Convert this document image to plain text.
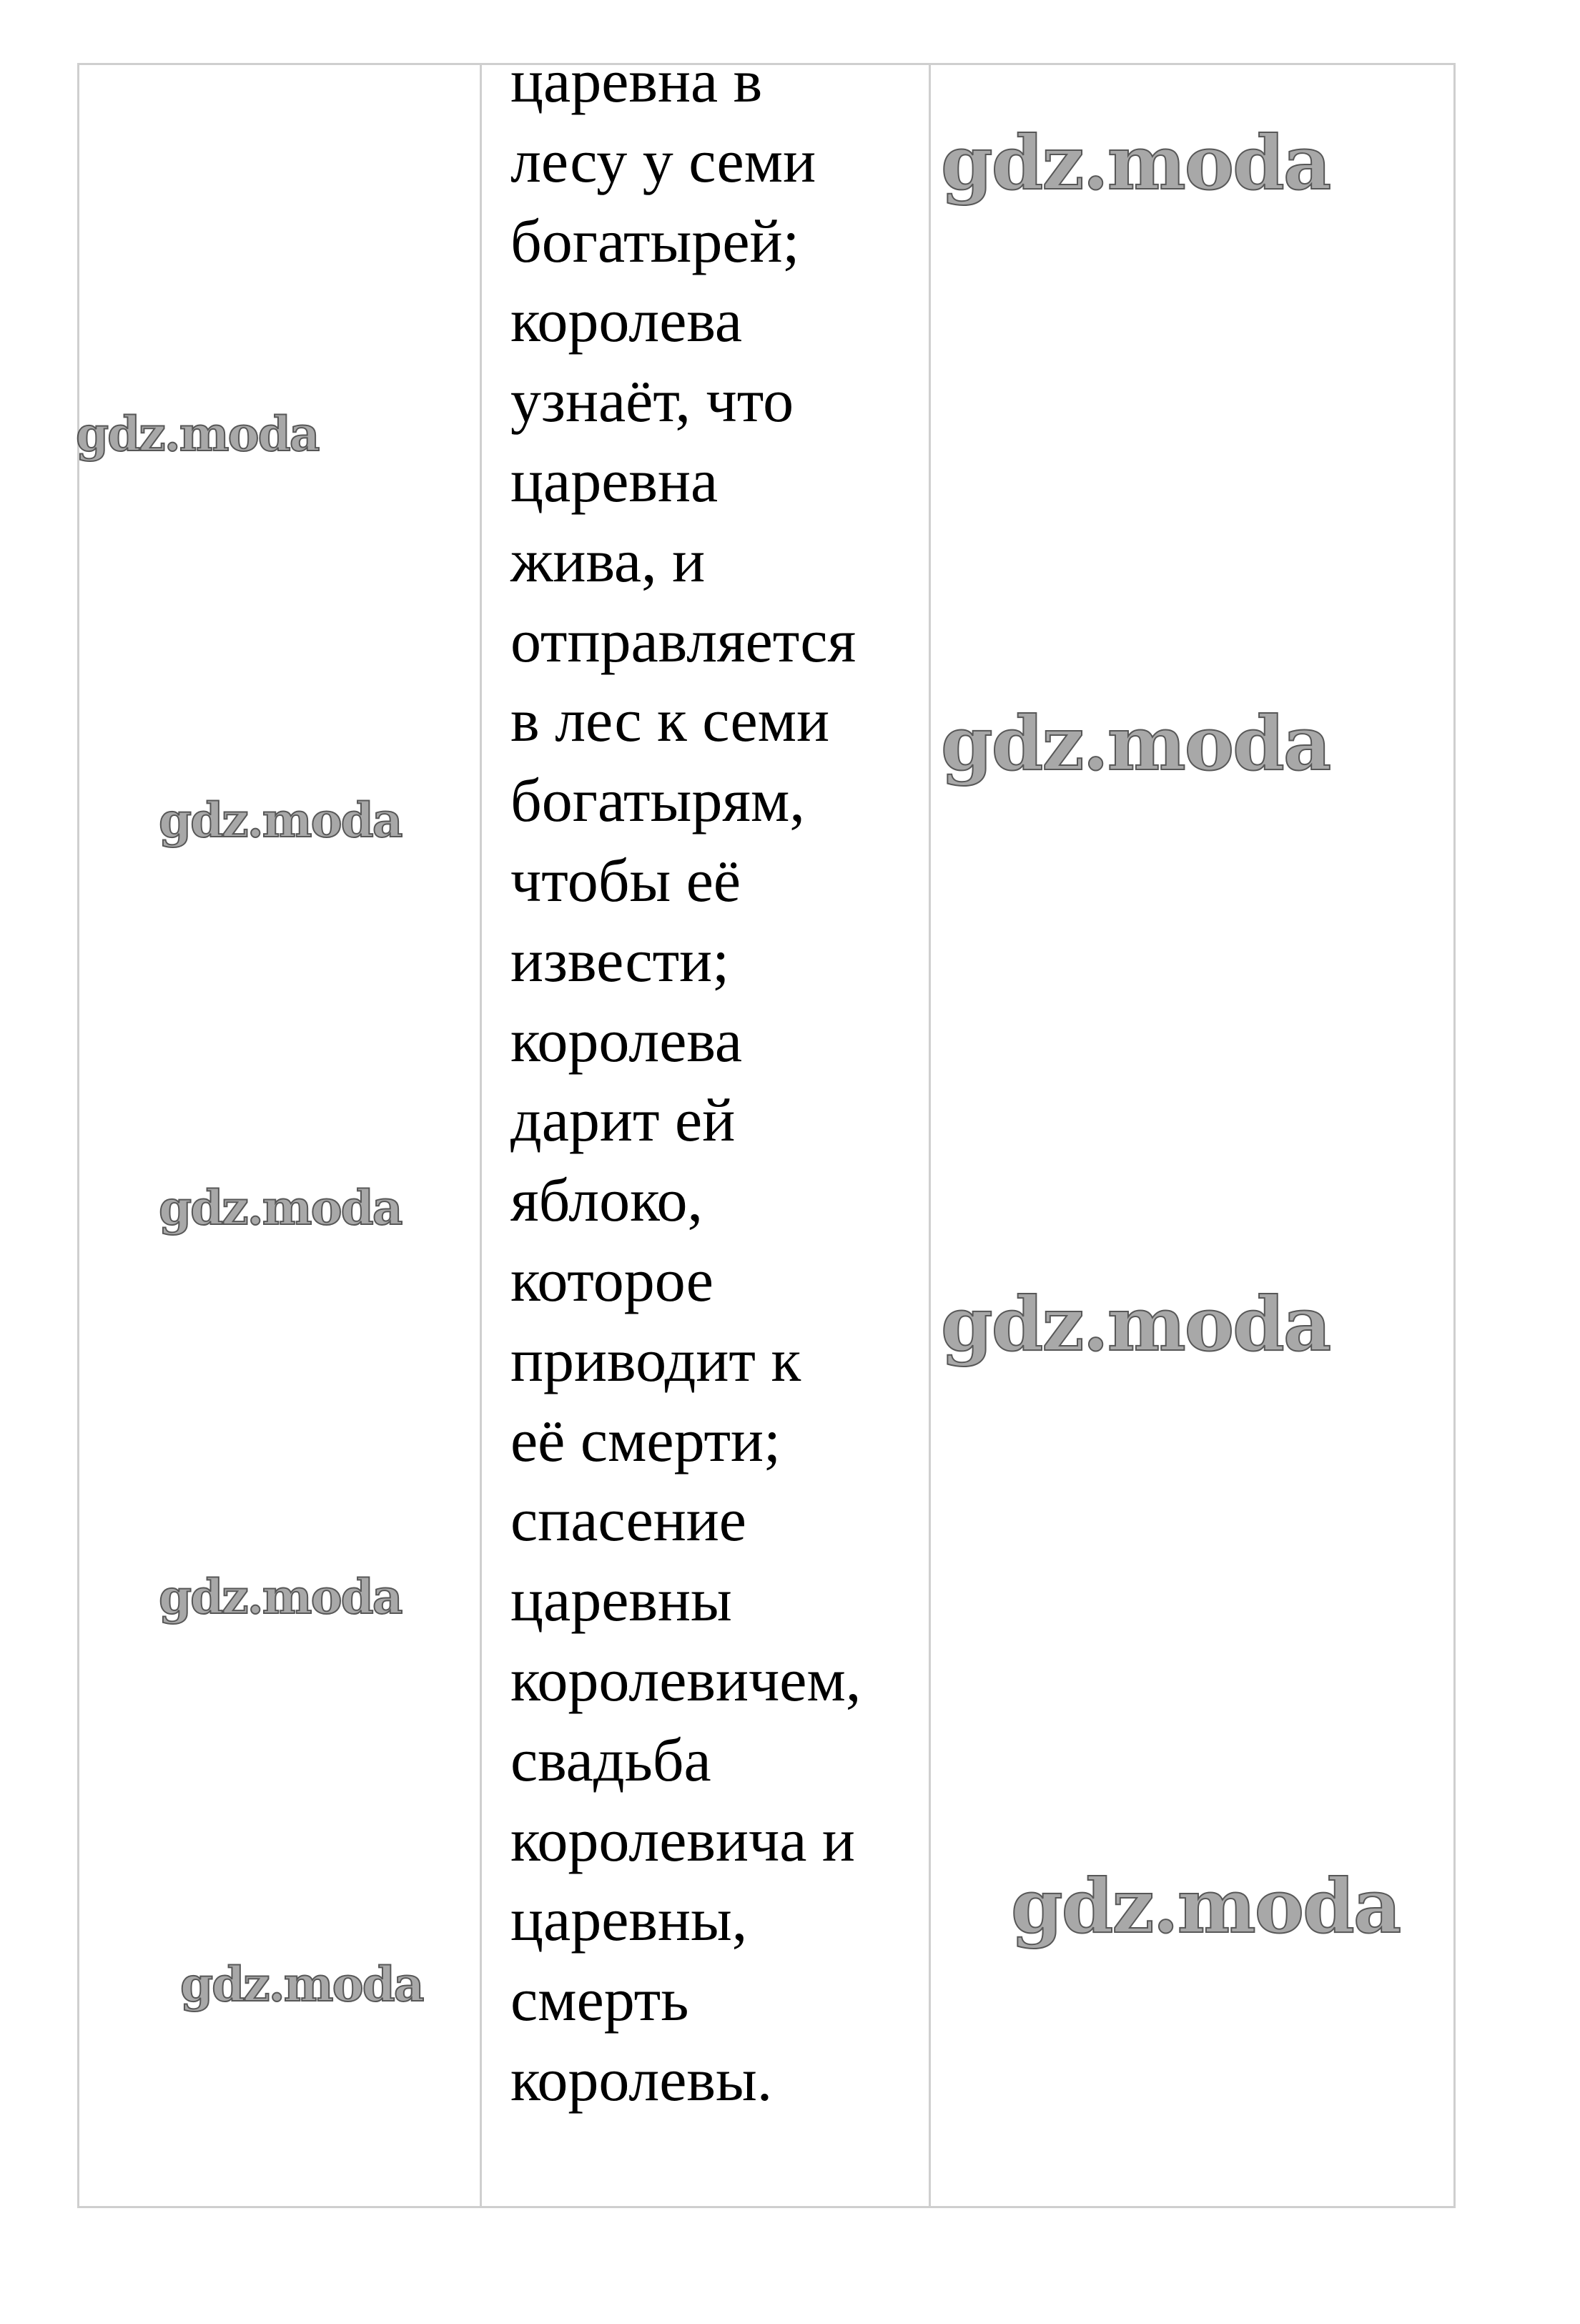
царевна в
лесу у семи
богатырей;
королева
узнаёт, что
царевна
жива, и
отправляется
в лес к семи
богатырям,
чтобы её
извести;
королева
дарит ей
яблоко,
которое
приводит к
её смерти;
спасение
царевны
королевичем,
свадьба
королевича и
царевны,
смерть
королевы.
gdz.moda
gdz.moda
gdz.moda
gdz.moda
gdz.moda
gdz.moda
gdz.moda
gdz.moda
gdz.moda
